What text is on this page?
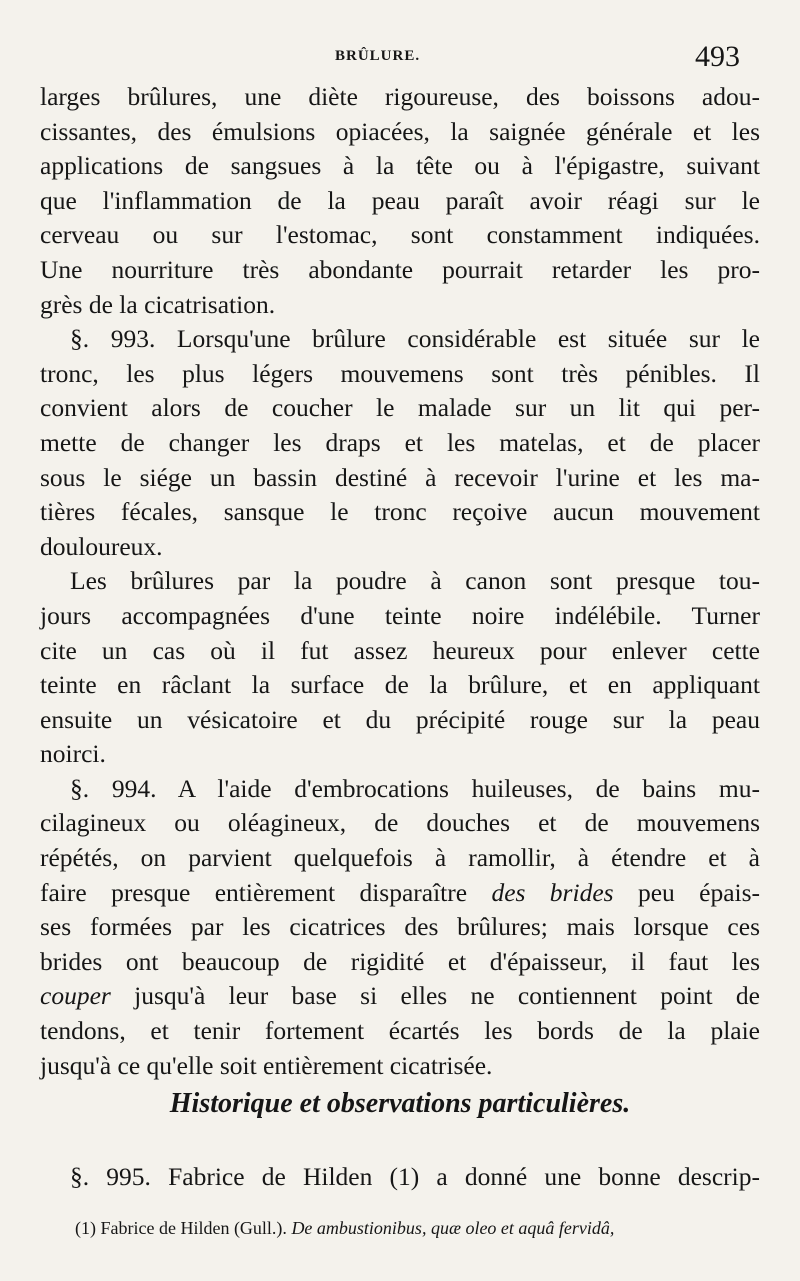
BRÛLURE.	493
larges brûlures, une diète rigoureuse, des boissons adou-
cissantes, des émulsions opiacées, la saignée générale et les
applications de sangsues à la tête ou à l'épigastre, suivant
que l'inflammation de la peau paraît avoir réagi sur le
cerveau ou sur l'estomac, sont constamment indiquées.
Une nourriture très abondante pourrait retarder les pro-
grès de la cicatrisation.
§. 993. Lorsqu'une brûlure considérable est située sur le
tronc, les plus légers mouvemens sont très pénibles. Il
convient alors de coucher le malade sur un lit qui per-
mette de changer les draps et les matelas, et de placer
sous le siége un bassin destiné à recevoir l'urine et les ma-
tières fécales, sansque le tronc reçoive aucun mouvement
douloureux.
Les brûlures par la poudre à canon sont presque tou-
jours accompagnées d'une teinte noire indélébile. Turner
cite un cas où il fut assez heureux pour enlever cette
teinte en râclant la surface de la brûlure, et en appliquant
ensuite un vésicatoire et du précipité rouge sur la peau
noirci.
§. 994. A l'aide d'embrocations huileuses, de bains mu-
cilagineux ou oléagineux, de douches et de mouvemens
répétés, on parvient quelquefois à ramollir, à étendre et à
faire presque entièrement disparaître des brides peu épais-
ses formées par les cicatrices des brûlures; mais lorsque ces
brides ont beaucoup de rigidité et d'épaisseur, il faut les
couper jusqu'à leur base si elles ne contiennent point de
tendons, et tenir fortement écartés les bords de la plaie
jusqu'à ce qu'elle soit entièrement cicatrisée.
Historique et observations particulières.
§. 995. Fabrice de Hilden (1) a donné une bonne descrip-
(1) Fabrice de Hilden (Gull.). De ambustionibus, quæ oleo et aquâ fervidâ,
